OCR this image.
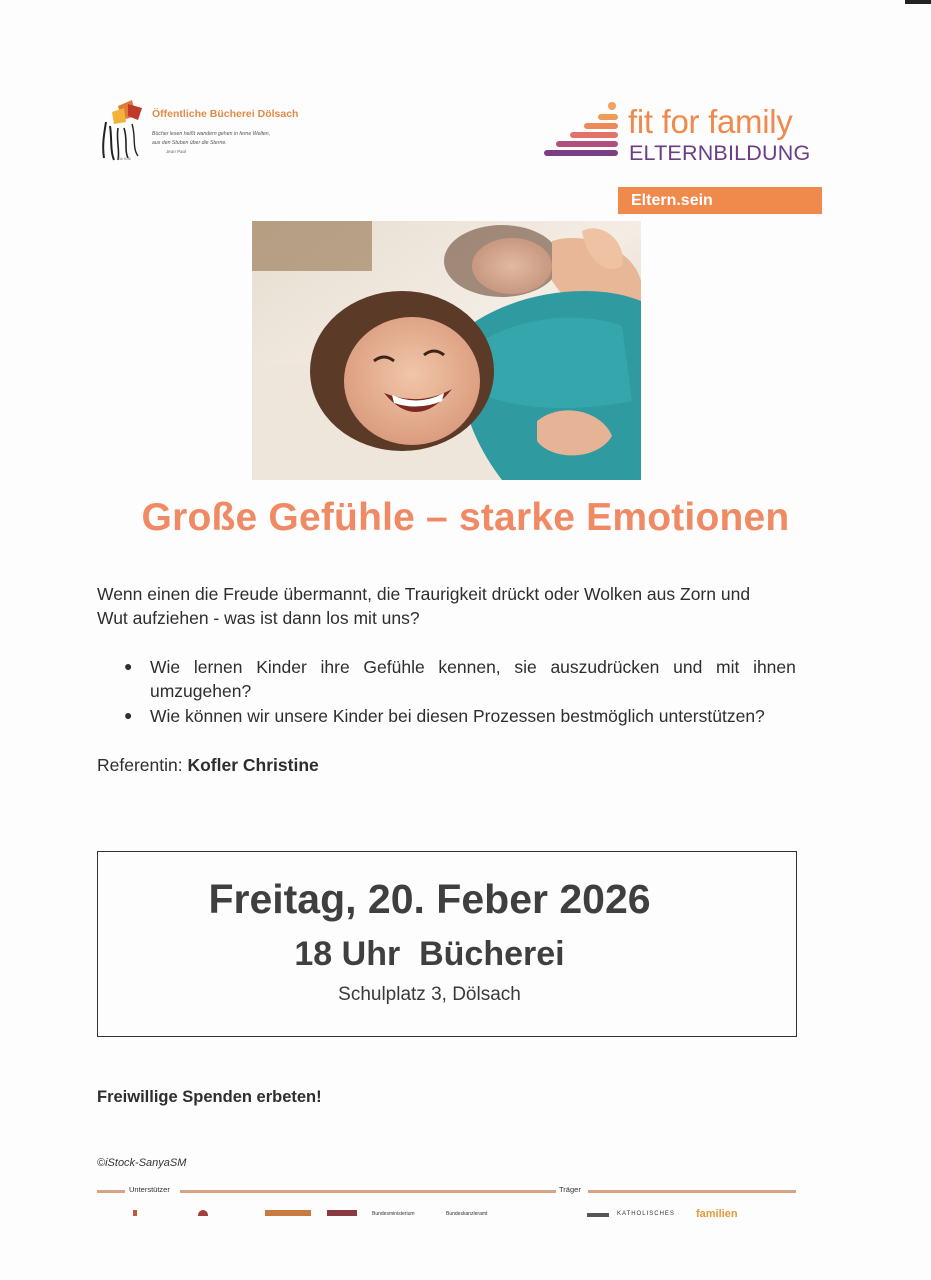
Öffentliche Bücherei Dölsach
Bücher lesen heißt wandern gehen in ferne Welten,
aus den Stuben über die Sterne.
Jean Paul
Bit Kult
fit for family
ELTERNBILDUNG
Eltern.sein
Große Gefühle – starke Emotionen
Wenn einen die Freude übermannt, die Traurigkeit drückt oder Wolken aus Zorn und
Wut aufziehen - was ist dann los mit uns?
● Wie lernen Kinder ihre Gefühle kennen, sie auszudrücken und mit ihnen
umzugehen?
● Wie können wir unsere Kinder bei diesen Prozessen bestmöglich unterstützen?
Referentin: Kofler Christine
Freitag, 20. Feber 2026
18 Uhr  Bücherei
Schulplatz 3, Dölsach
Freiwillige Spenden erbeten!
©iStock-SanyaSM
Unterstützer	Träger
Bundesministerium	Bundeskanzleramt	KATHOLISCHES familien
